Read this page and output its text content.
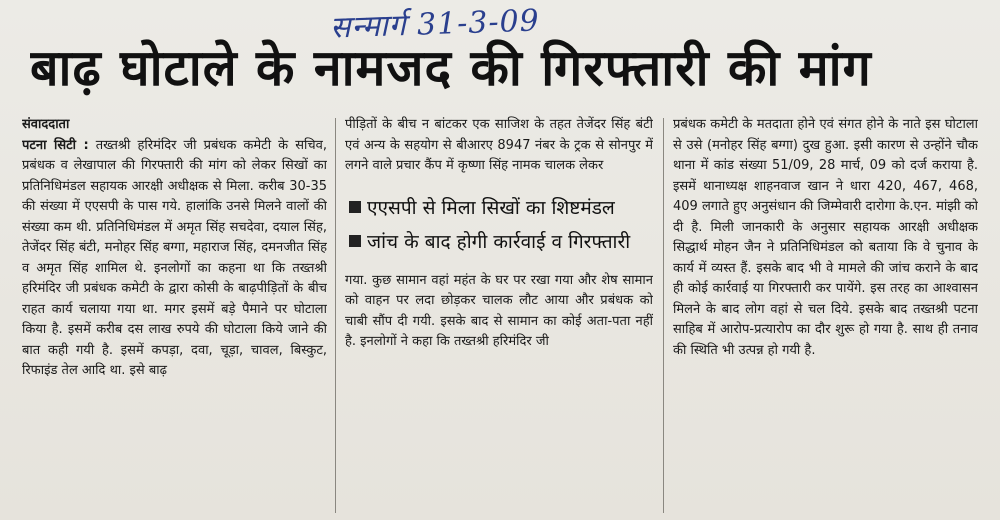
सन्मार्ग 31-3-09
बाढ़ घोटाले के नामजद की गिरफ्तारी की मांग
संवाददाता

पटना सिटी : तख्तश्री हरिमंदिर जी प्रबंधक कमेटी के सचिव, प्रबंधक व लेखापाल की गिरफ्तारी की मांग को लेकर सिखों का प्रतिनिधिमंडल सहायक आरक्षी अधीक्षक से मिला. करीब 30-35 की संख्या में एएसपी के पास गये. हालांकि उनसे मिलने वालों की संख्या कम थी. प्रतिनिधिमंडल में अमृत सिंह सचदेवा, दयाल सिंह, तेजेंदर सिंह बंटी, मनोहर सिंह बग्गा, महाराज सिंह, दमनजीत सिंह व अमृत सिंह शामिल थे. इनलोगों का कहना था कि तख्तश्री हरिमंदिर जी प्रबंधक कमेटी के द्वारा कोसी के बाढ़पीड़ितों के बीच राहत कार्य चलाया गया था. मगर इसमें बड़े पैमाने पर घोटाला किया है. इसमें करीब दस लाख रुपये की घोटाला किये जाने की बात कही गयी है. इसमें कपड़ा, दवा, चूड़ा, चावल, बिस्कुट, रिफाइंड तेल आदि था. इसे बाढ़

पीड़ितों के बीच न बांटकर एक साजिश के तहत तेजेंदर सिंह बंटी एवं अन्य के सहयोग से बीआरए 8947 नंबर के ट्रक से सोनपुर में लगने वाले प्रचार कैंप में कृष्णा सिंह नामक चालक लेकर

एएसपी से मिला सिखों का शिष्टमंडल
जांच के बाद होगी कार्रवाई व गिरफ्तारी

गया. कुछ सामान वहां महंत के घर पर रखा गया और शेष सामान को वाहन पर लदा छोड़कर चालक लौट आया और प्रबंधक को चाबी सौंप दी गयी. इसके बाद से सामान का कोई अता-पता नहीं है. इनलोगों ने कहा कि तख्तश्री हरिमंदिर जी

प्रबंधक कमेटी के मतदाता होने एवं संगत होने के नाते इस घोटाला से उसे (मनोहर सिंह बग्गा) दुख हुआ. इसी कारण से उन्होंने चौक थाना में कांड संख्या 51/09, 28 मार्च, 09 को दर्ज कराया है. इसमें थानाध्यक्ष शाहनवाज खान ने धारा 420, 467, 468, 409 लगाते हुए अनुसंधान की जिम्मेवारी दारोगा के.एन. मांझी को दी है. मिली जानकारी के अनुसार सहायक आरक्षी अधीक्षक सिद्धार्थ मोहन जैन ने प्रतिनिधिमंडल को बताया कि वे चुनाव के कार्य में व्यस्त हैं. इसके बाद भी वे मामले की जांच कराने के बाद ही कोई कार्रवाई या गिरफ्तारी कर पायेंगे. इस तरह का आश्वासन मिलने के बाद लोग वहां से चल दिये. इसके बाद तख्तश्री पटना साहिब में आरोप-प्रत्यारोप का दौर शुरू हो गया है. साथ ही तनाव की स्थिति भी उत्पन्न हो गयी है.
